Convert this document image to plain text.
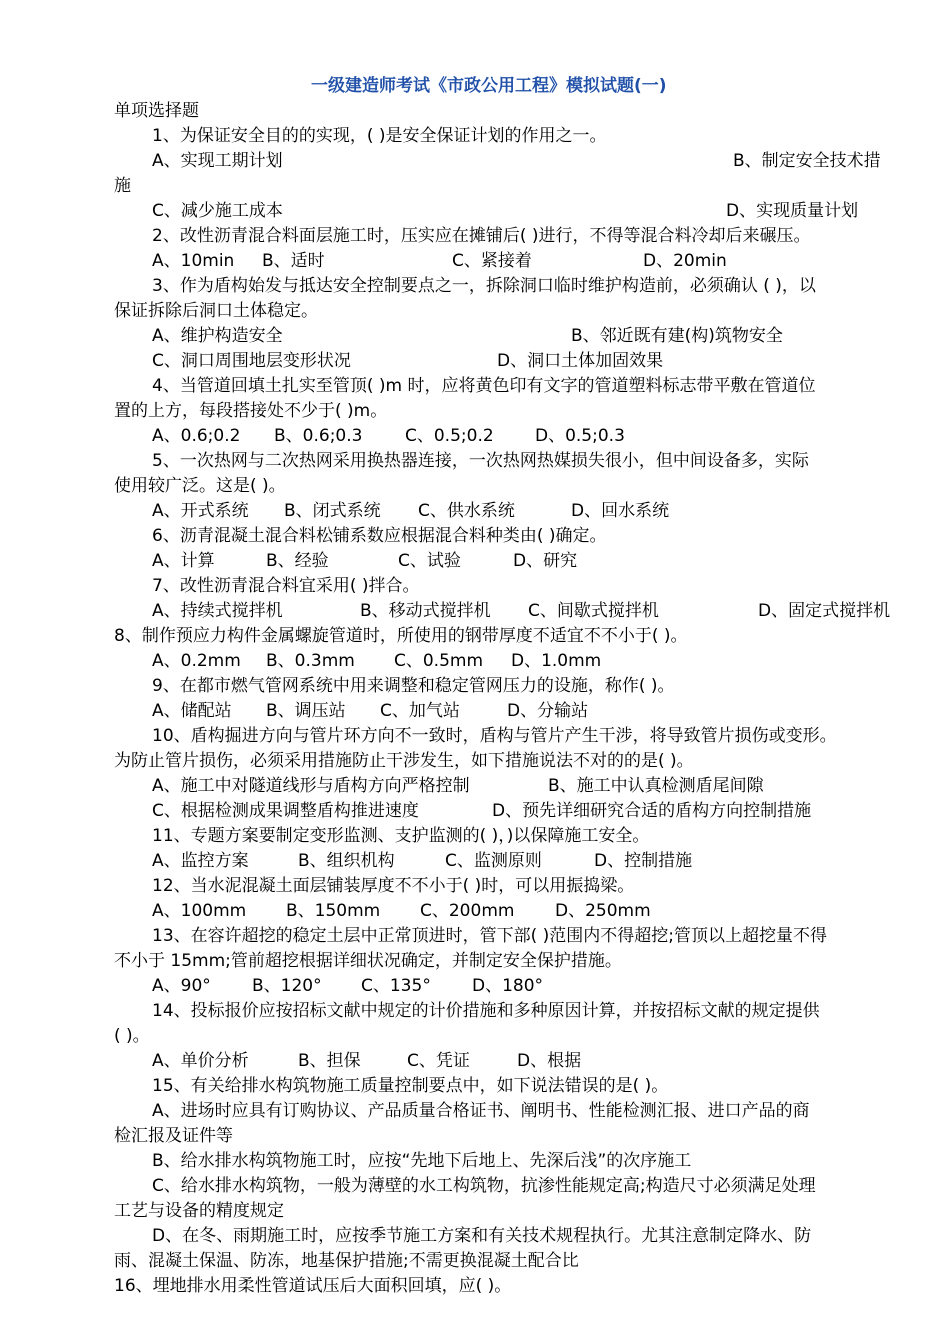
一级建造师考试《市政公用工程》模拟试题(一)
单项选择题
1、为保证安全目的的实现，( )是安全保证计划的作用之一。
A、实现工期计划	B、制定安全技术措
施
C、减少施工成本	D、实现质量计划
2、改性沥青混合料面层施工时，压实应在摊铺后( )进行，不得等混合料冷却后来碾压。
A、10min B、适时	C、紧接着	D、20min
3、作为盾构始发与抵达安全控制要点之一，拆除洞口临时维护构造前，必须确认 ( )，以
保证拆除后洞口土体稳定。
A、维护构造安全	B、邻近既有建(构)筑物安全
C、洞口周围地层变形状况	D、洞口土体加固效果
4、当管道回填土扎实至管顶( )m 时，应将黄色印有文字的管道塑料标志带平敷在管道位
置的上方，每段搭接处不少于( )m。
A、0.6;0.2 B、0.6;0.3	C、0.5;0.2 D、0.5;0.3
5、一次热网与二次热网采用换热器连接，一次热网热媒损失很小，但中间设备多，实际
使用较广泛。这是( )。
A、开式系统 B、闭式系统 C、供水系统	D、回水系统
6、沥青混凝土混合料松铺系数应根据混合料种类由( )确定。
A、计算	B、经验	C、试验	D、研究
7、改性沥青混合料宜采用( )拌合。
A、持续式搅拌机	B、移动式搅拌机 C、间歇式搅拌机	D、固定式搅拌机
8、制作预应力构件金属螺旋管道时，所使用的钢带厚度不适宜不不小于( )。
A、0.2mm B、0.3mm C、0.5mm D、1.0mm
9、在都市燃气管网系统中用来调整和稳定管网压力的设施，称作( )。
A、储配站 B、调压站 C、加气站	D、分输站
10、盾构掘进方向与管片环方向不一致时，盾构与管片产生干涉，将导致管片损伤或变形。
为防止管片损伤，必须采用措施防止干涉发生，如下措施说法不对的的是( )。
A、施工中对隧道线形与盾构方向严格控制	B、施工中认真检测盾尾间隙
C、根据检测成果调整盾构推进速度	D、预先详细研究合适的盾构方向控制措施
11、专题方案要制定变形监测、支护监测的( )，)以保障施工安全。
A、监控方案	B、组织机构	C、监测原则	D、控制措施
12、当水泥混凝土面层铺装厚度不不小于( )时，可以用振捣梁。
A、100mm B、150mm C、200mm D、250mm
13、在容许超挖的稳定土层中正常顶进时，管下部( )范围内不得超挖;管顶以上超挖量不得
不小于 15mm;管前超挖根据详细状况确定，并制定安全保护措施。
A、90° B、120° C、135° D、180°
14、投标报价应按招标文献中规定的计价措施和多种原因计算，并按招标文献的规定提供
( )。
A、单价分析	B、担保	C、凭证	D、根据
15、有关给排水构筑物施工质量控制要点中，如下说法错误的是( )。
A、进场时应具有订购协议、产品质量合格证书、阐明书、性能检测汇报、进口产品的商
检汇报及证件等
B、给水排水构筑物施工时，应按“先地下后地上、先深后浅”的次序施工
C、给水排水构筑物，一般为薄壁的水工构筑物，抗渗性能规定高;构造尺寸必须满足处理
工艺与设备的精度规定
D、在冬、雨期施工时，应按季节施工方案和有关技术规程执行。尤其注意制定降水、防
雨、混凝土保温、防冻，地基保护措施;不需更换混凝土配合比
16、埋地排水用柔性管道试压后大面积回填，应( )。
